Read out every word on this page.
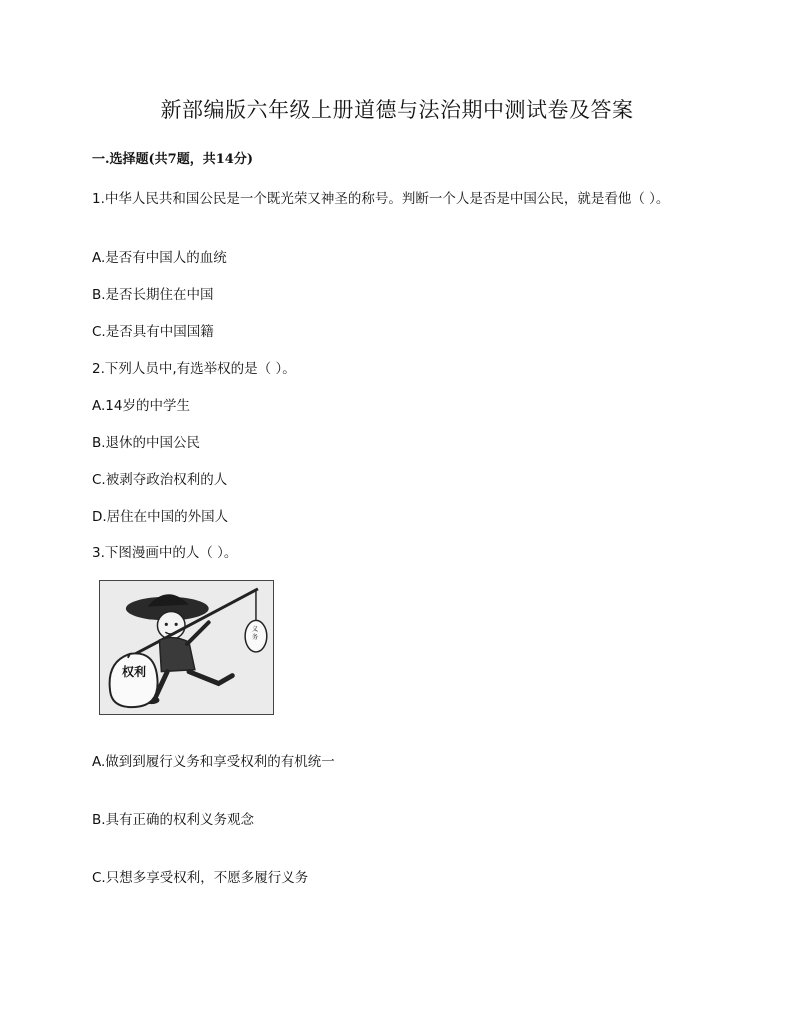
新部编版六年级上册道德与法治期中测试卷及答案
一.选择题(共7题，共14分)

1.中华人民共和国公民是一个既光荣又神圣的称号。判断一个人是否是中国公民，就是看他（ ）。

A.是否有中国人的血统

B.是否长期住在中国

C.是否具有中国国籍

2.下列人员中,有选举权的是（ ）。

A.14岁的中学生

B.退休的中国公民

C.被剥夺政治权利的人

D.居住在中国的外国人

3.下图漫画中的人（ ）。

权利
义务

A.做到到履行义务和享受权利的有机统一

B.具有正确的权利义务观念

C.只想多享受权利，不愿多履行义务
